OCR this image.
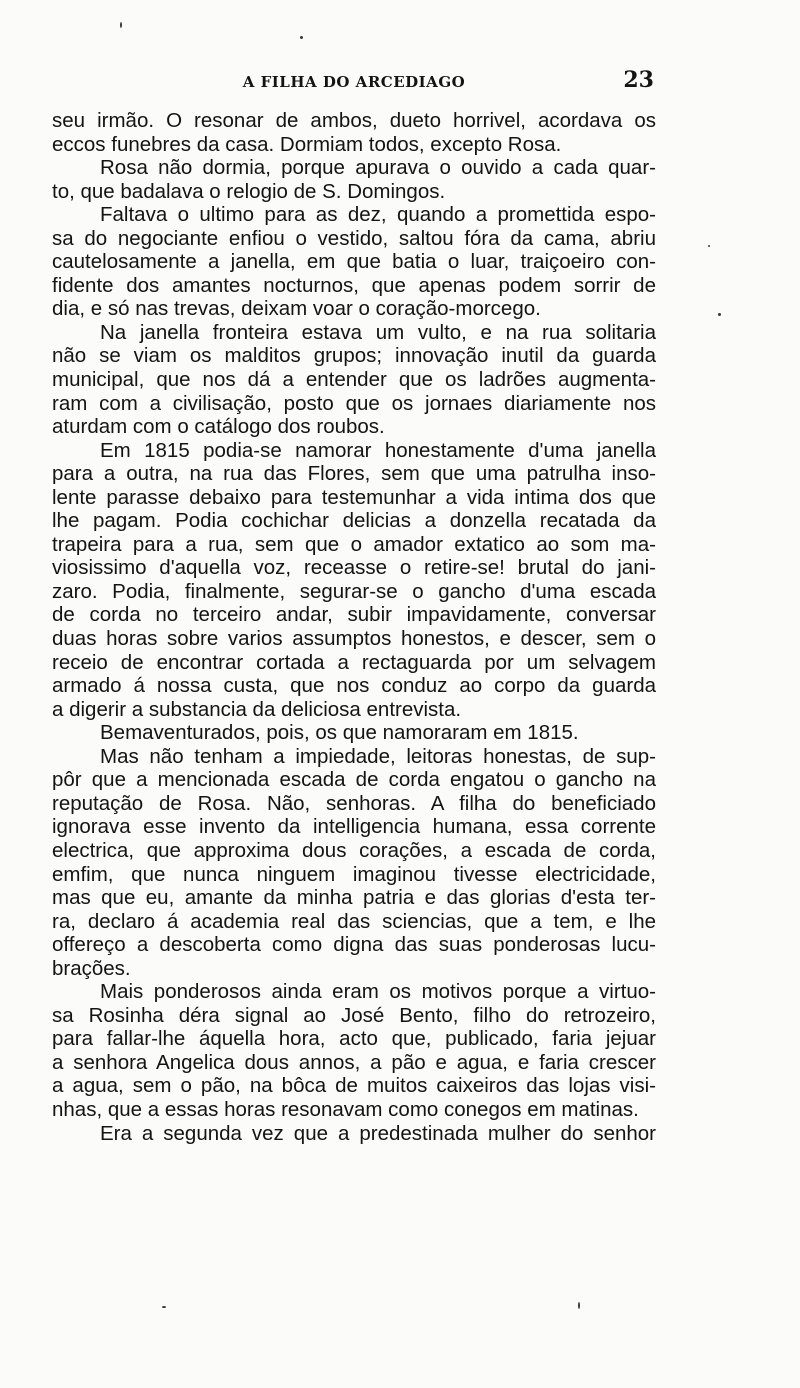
A FILHA DO ARCEDIAGO	23
seu irmão. O resonar de ambos, dueto horrivel, acordava os
eccos funebres da casa. Dormiam todos, excepto Rosa.
Rosa não dormia, porque apurava o ouvido a cada quar-
to, que badalava o relogio de S. Domingos.
Faltava o ultimo para as dez, quando a promettida espo-
sa do negociante enfiou o vestido, saltou fóra da cama, abriu
cautelosamente a janella, em que batia o luar, traiçoeiro con-
fidente dos amantes nocturnos, que apenas podem sorrir de
dia, e só nas trevas, deixam voar o coração-morcego.
Na janella fronteira estava um vulto, e na rua solitaria
não se viam os malditos grupos; innovação inutil da guarda
municipal, que nos dá a entender que os ladrões augmenta-
ram com a civilisação, posto que os jornaes diariamente nos
aturdam com o catálogo dos roubos.
Em 1815 podia-se namorar honestamente d'uma janella
para a outra, na rua das Flores, sem que uma patrulha inso-
lente parasse debaixo para testemunhar a vida intima dos que
lhe pagam. Podia cochichar delicias a donzella recatada da
trapeira para a rua, sem que o amador extatico ao som ma-
viosissimo d'aquella voz, receasse o retire-se! brutal do jani-
zaro. Podia, finalmente, segurar-se o gancho d'uma escada
de corda no terceiro andar, subir impavidamente, conversar
duas horas sobre varios assumptos honestos, e descer, sem o
receio de encontrar cortada a rectaguarda por um selvagem
armado á nossa custa, que nos conduz ao corpo da guarda
a digerir a substancia da deliciosa entrevista.
Bemaventurados, pois, os que namoraram em 1815.
Mas não tenham a impiedade, leitoras honestas, de sup-
pôr que a mencionada escada de corda engatou o gancho na
reputação de Rosa. Não, senhoras. A filha do beneficiado
ignorava esse invento da intelligencia humana, essa corrente
electrica, que approxima dous corações, a escada de corda,
emfim, que nunca ninguem imaginou tivesse electricidade,
mas que eu, amante da minha patria e das glorias d'esta ter-
ra, declaro á academia real das sciencias, que a tem, e lhe
offereço a descoberta como digna das suas ponderosas lucu-
brações.
Mais ponderosos ainda eram os motivos porque a virtuo-
sa Rosinha déra signal ao José Bento, filho do retrozeiro,
para fallar-lhe áquella hora, acto que, publicado, faria jejuar
a senhora Angelica dous annos, a pão e agua, e faria crescer
a agua, sem o pão, na bôca de muitos caixeiros das lojas visi-
nhas, que a essas horas resonavam como conegos em matinas.
Era a segunda vez que a predestinada mulher do senhor
